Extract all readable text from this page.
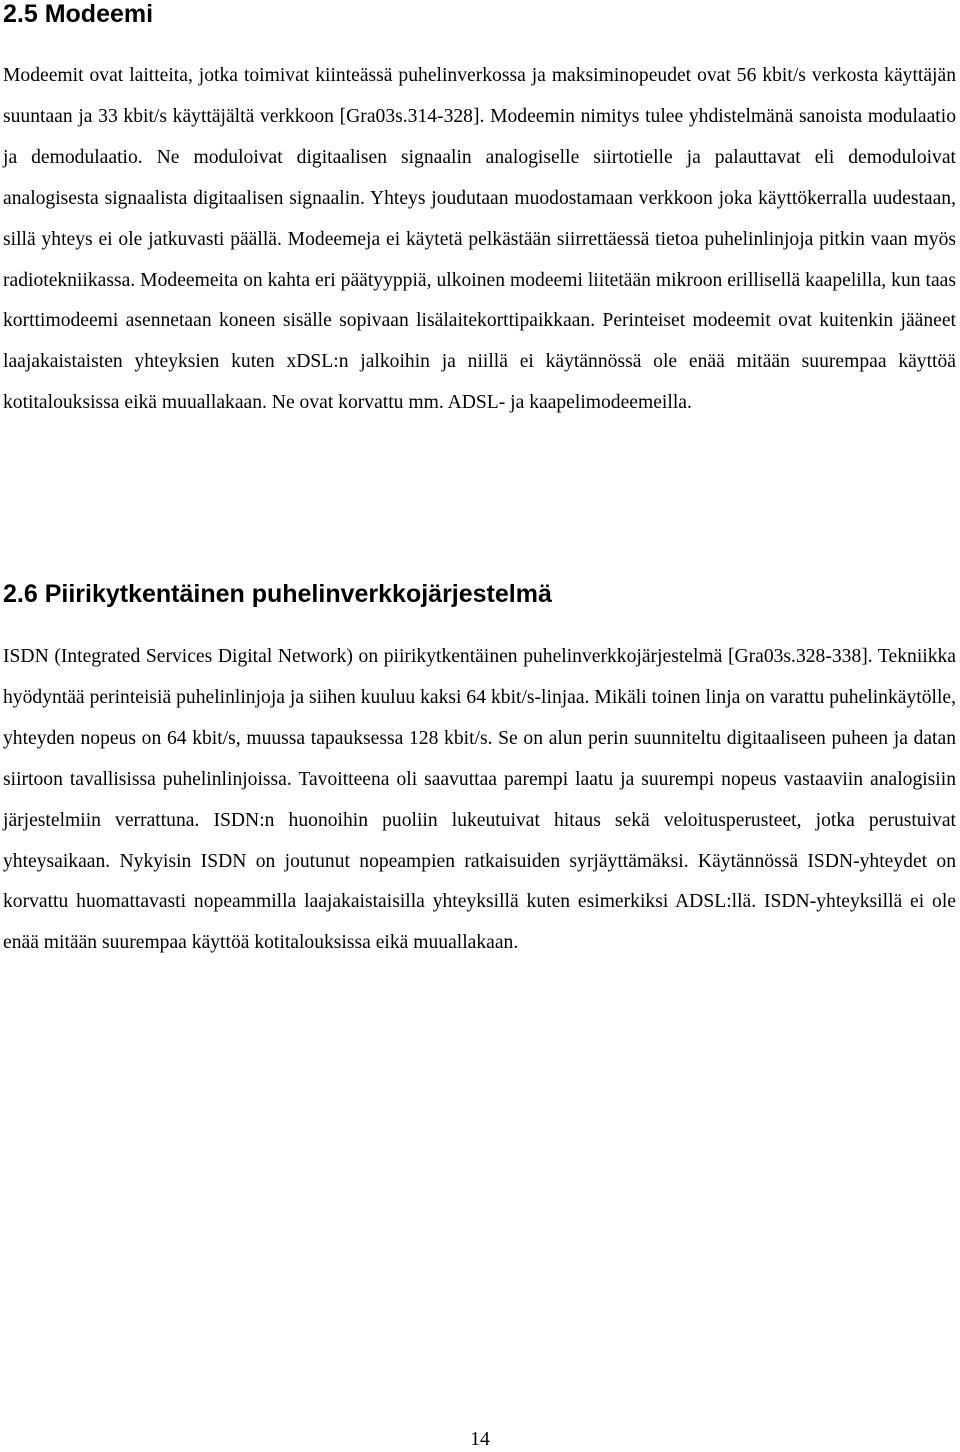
2.5 Modeemi

Modeemit ovat laitteita, jotka toimivat kiinteässä puhelinverkossa ja maksiminopeudet ovat 56 kbit/s verkosta käyttäjän suuntaan ja 33 kbit/s käyttäjältä verkkoon [Gra03s.314-328]. Modeemin nimitys tulee yhdistelmänä sanoista modulaatio ja demodulaatio. Ne moduloivat digitaalisen signaalin analogiselle siirtotielle ja palauttavat eli demoduloivat analogisesta signaalista digitaalisen signaalin. Yhteys joudutaan muodostamaan verkkoon joka käyttökerralla uudestaan, sillä yhteys ei ole jatkuvasti päällä. Modeemeja ei käytetä pelkästään siirrettäessä tietoa puhelinlinjoja pitkin vaan myös radiotekniikassa. Modeemeita on kahta eri päätyyppiä, ulkoinen modeemi liitetään mikroon erillisellä kaapelilla, kun taas korttimodeemi asennetaan koneen sisälle sopivaan lisälaitekorttipaikkaan. Perinteiset modeemit ovat kuitenkin jääneet laajakaistaisten yhteyksien kuten xDSL:n jalkoihin ja niillä ei käytännössä ole enää mitään suurempaa käyttöä kotitalouksissa eikä muuallakaan. Ne ovat korvattu mm. ADSL- ja kaapelimodeemeilla.

2.6 Piirikytkentäinen puhelinverkkojärjestelmä

ISDN (Integrated Services Digital Network) on piirikytkentäinen puhelinverkkojärjestelmä [Gra03s.328-338]. Tekniikka hyödyntää perinteisiä puhelinlinjoja ja siihen kuuluu kaksi 64 kbit/s-linjaa. Mikäli toinen linja on varattu puhelinkäytölle, yhteyden nopeus on 64 kbit/s, muussa tapauksessa 128 kbit/s. Se on alun perin suunniteltu digitaaliseen puheen ja datan siirtoon tavallisissa puhelinlinjoissa. Tavoitteena oli saavuttaa parempi laatu ja suurempi nopeus vastaaviin analogisiin järjestelmiin verrattuna. ISDN:n huonoihin puoliin lukeutuivat hitaus sekä veloitusperusteet, jotka perustuivat yhteysaikaan. Nykyisin ISDN on joutunut nopeampien ratkaisuiden syrjäyttämäksi. Käytännössä ISDN-yhteydet on korvattu huomattavasti nopeammilla laajakaistaisilla yhteyksillä kuten esimerkiksi ADSL:llä. ISDN-yhteyksillä ei ole enää mitään suurempaa käyttöä kotitalouksissa eikä muuallakaan.

14
